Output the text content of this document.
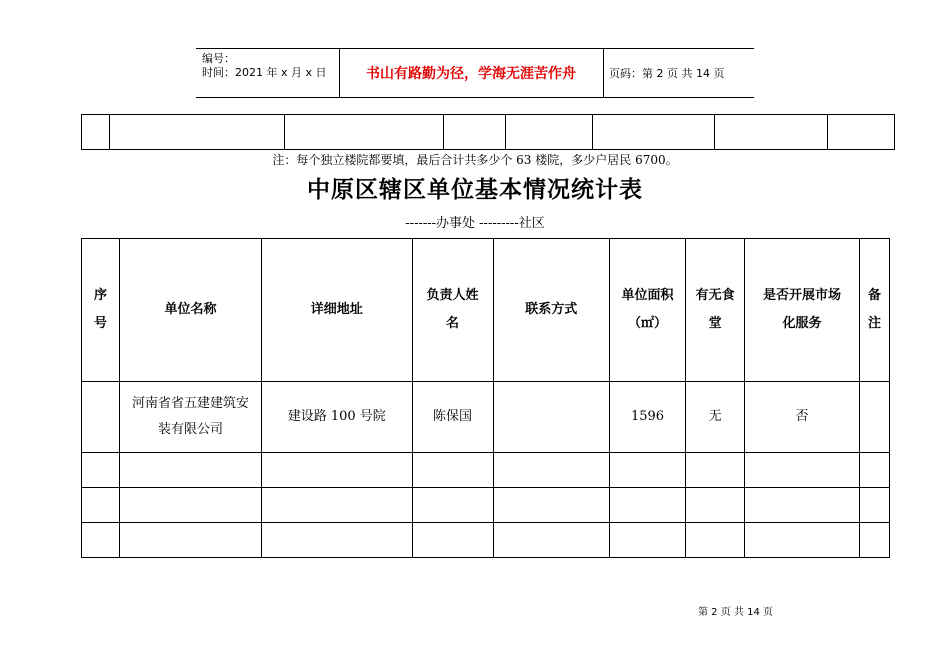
编号：
时间：2021 年 x 月 x 日	书山有路勤为径，学海无涯苦作舟	页码：第 2 页 共 14 页

注：每个独立楼院都要填，最后合计共多少个 63 楼院，多少户居民 6700。
中原区辖区单位基本情况统计表
-------办事处 ---------社区
序号	单位名称	详细地址	负责人姓名	联系方式	单位面积（㎡）	有无食堂	是否开展市场化服务	备注
	河南省省五建建筑安装有限公司	建设路 100 号院	陈保国		1596	无	否	

第 2 页 共 14 页
